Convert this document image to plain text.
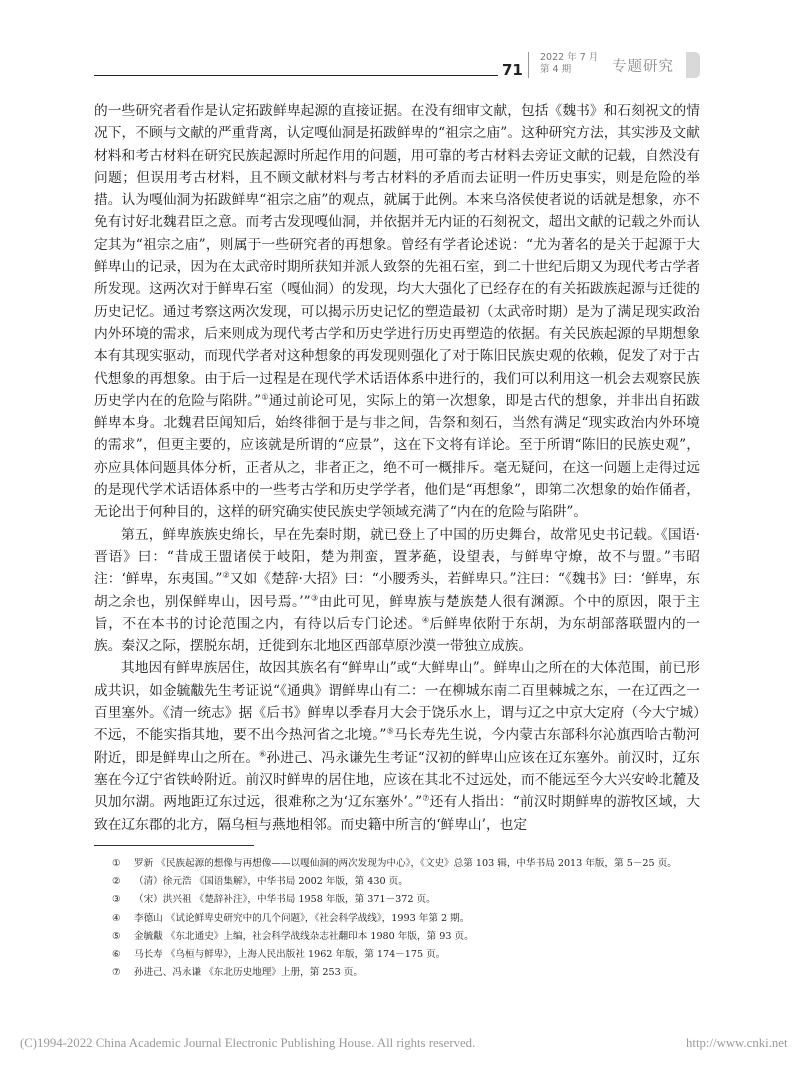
71
2022 年 7 月
第 4 期	专题研究

的一些研究者看作是认定拓跋鲜卑起源的直接证据。在没有细审文献，包括《魏书》和石刻祝文的情况下，不顾与文献的严重背离，认定嘎仙洞是拓跋鲜卑的“祖宗之庙”。这种研究方法，其实涉及文献材料和考古材料在研究民族起源时所起作用的问题，用可靠的考古材料去旁证文献的记载，自然没有问题；但误用考古材料，且不顾文献材料与考古材料的矛盾而去证明一件历史事实，则是危险的举措。认为嘎仙洞为拓跋鲜卑“祖宗之庙”的观点，就属于此例。本来乌洛侯使者说的话就是想象，亦不免有讨好北魏君臣之意。而考古发现嘎仙洞，并依据并无内证的石刻祝文，超出文献的记载之外而认定其为“祖宗之庙”，则属于一些研究者的再想象。曾经有学者论述说：“尤为著名的是关于起源于大鲜卑山的记录，因为在太武帝时期所获知并派人致祭的先祖石室，到二十世纪后期又为现代考古学者所发现。这两次对于鲜卑石室（嘎仙洞）的发现，均大大强化了已经存在的有关拓跋族起源与迁徙的历史记忆。通过考察这两次发现，可以揭示历史记忆的塑造最初（太武帝时期）是为了满足现实政治内外环境的需求，后来则成为现代考古学和历史学进行历史再塑造的依据。有关民族起源的早期想象本有其现实驱动，而现代学者对这种想象的再发现则强化了对于陈旧民族史观的依赖，促发了对于古代想象的再想象。由于后一过程是在现代学术话语体系中进行的，我们可以利用这一机会去观察民族历史学内在的危险与陷阱。”①通过前论可见，实际上的第一次想象，即是古代的想象，并非出自拓跋鲜卑本身。北魏君臣闻知后，始终徘徊于是与非之间，告祭和刻石，当然有满足“现实政治内外环境的需求”，但更主要的，应该就是所谓的“应景”，这在下文将有详论。至于所谓“陈旧的民族史观”，亦应具体问题具体分析，正者从之，非者正之，绝不可一概排斥。毫无疑问，在这一问题上走得过远的是现代学术话语体系中的一些考古学和历史学学者，他们是“再想象”，即第二次想象的始作俑者，无论出于何种目的，这样的研究确实使民族史学领域充满了“内在的危险与陷阱”。

第五，鲜卑族族史绵长，早在先秦时期，就已登上了中国的历史舞台，故常见史书记载。《国语·晋语》曰：“昔成王盟诸侯于岐阳，楚为荆蛮，置茅蕝，设望表，与鲜卑守燎，故不与盟。”韦昭注：‘鲜卑，东夷国。”②又如《楚辞·大招》曰：“小腰秀头，若鲜卑只。”注曰：“《魏书》曰：‘鲜卑，东胡之余也，别保鲜卑山，因号焉。’”③由此可见，鲜卑族与楚族楚人很有渊源。个中的原因，限于主旨，不在本书的讨论范围之内，有待以后专门论述。④后鲜卑依附于东胡，为东胡部落联盟内的一族。秦汉之际，摆脱东胡，迁徙到东北地区西部草原沙漠一带独立成族。

其地因有鲜卑族居住，故因其族名有“鲜卑山”或“大鲜卑山”。鲜卑山之所在的大体范围，前已形成共识，如金毓黻先生考证说“《通典》谓鲜卑山有二：一在柳城东南二百里棘城之东，一在辽西之一百里塞外。《清一统志》据《后书》鲜卑以季春月大会于饶乐水上，谓与辽之中京大定府（今大宁城）不远，不能实指其地，要不出今热河省之北境。”⑤马长寿先生说，今内蒙古东部科尔沁旗西哈古勒河附近，即是鲜卑山之所在。⑥孙进己、冯永谦先生考证“汉初的鲜卑山应该在辽东塞外。前汉时，辽东塞在今辽宁省铁岭附近。前汉时鲜卑的居住地，应该在其北不过远处，而不能远至今大兴安岭北麓及贝加尔湖。两地距辽东过远，很难称之为‘辽东塞外’。”⑦还有人指出：“前汉时期鲜卑的游牧区域，大致在辽东郡的北方，隔乌桓与燕地相邻。而史籍中所言的‘鲜卑山’，也定

①	罗新 《民族起源的想像与再想像——以嘎仙洞的两次发现为中心》，《文史》总第 103 辑，中华书局 2013 年版，第 5－25 页。
②	（清）徐元浩 《国语集解》，中华书局 2002 年版，第 430 页。
③	（宋）洪兴祖 《楚辞补注》，中华书局 1958 年版，第 371－372 页。
④	李德山 《试论鲜卑史研究中的几个问题》，《社会科学战线》，1993 年第 2 期。
⑤	金毓黻 《东北通史》上编，社会科学战线杂志社翻印本 1980 年版，第 93 页。
⑥	马长寿 《乌桓与鲜卑》，上海人民出版社 1962 年版，第 174－175 页。
⑦	孙进己、冯永谦 《东北历史地理》上册，第 253 页。
(C)1994-2022 China Academic Journal Electronic Publishing House. All rights reserved.	http://www.cnki.net
